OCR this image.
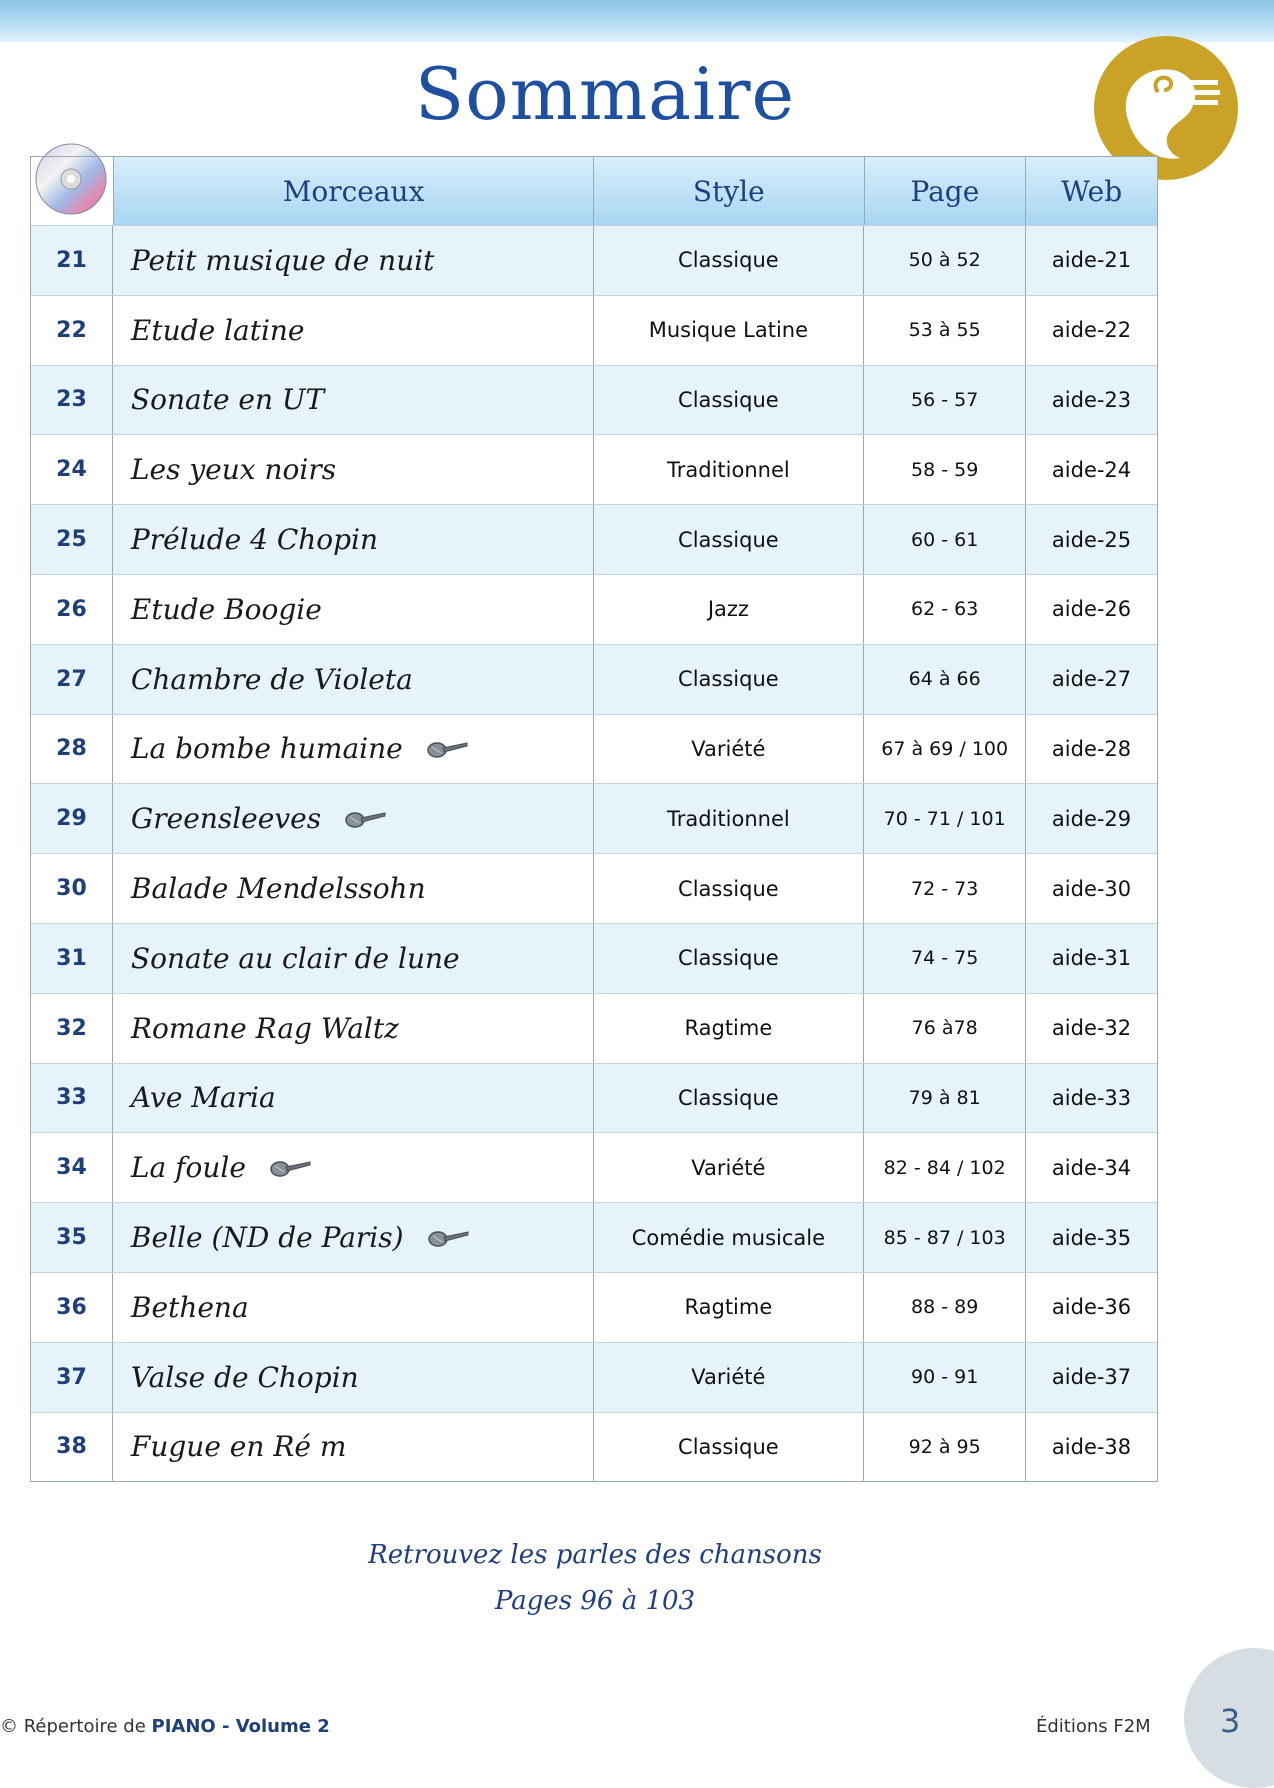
Sommaire
Morceaux	Style	Page	Web
21	Petit musique de nuit	Classique	50 à 52	aide-21
22	Etude latine	Musique Latine	53 à 55	aide-22
23	Sonate en UT	Classique	56 - 57	aide-23
24	Les yeux noirs	Traditionnel	58 - 59	aide-24
25	Prélude 4 Chopin	Classique	60 - 61	aide-25
26	Etude Boogie	Jazz	62 - 63	aide-26
27	Chambre de Violeta	Classique	64 à 66	aide-27
28	La bombe humaine	Variété	67 à 69 / 100	aide-28
29	Greensleeves	Traditionnel	70 - 71 / 101	aide-29
30	Balade Mendelssohn	Classique	72 - 73	aide-30
31	Sonate au clair de lune	Classique	74 - 75	aide-31
32	Romane Rag Waltz	Ragtime	76 à78	aide-32
33	Ave Maria	Classique	79 à 81	aide-33
34	La foule	Variété	82 - 84 / 102	aide-34
35	Belle (ND de Paris)	Comédie musicale	85 - 87 / 103	aide-35
36	Bethena	Ragtime	88 - 89	aide-36
37	Valse de Chopin	Variété	90 - 91	aide-37
38	Fugue en Ré m	Classique	92 à 95	aide-38
Retrouvez les parles des chansons
Pages 96 à 103
© Répertoire de PIANO - Volume 2	Éditions F2M 3
